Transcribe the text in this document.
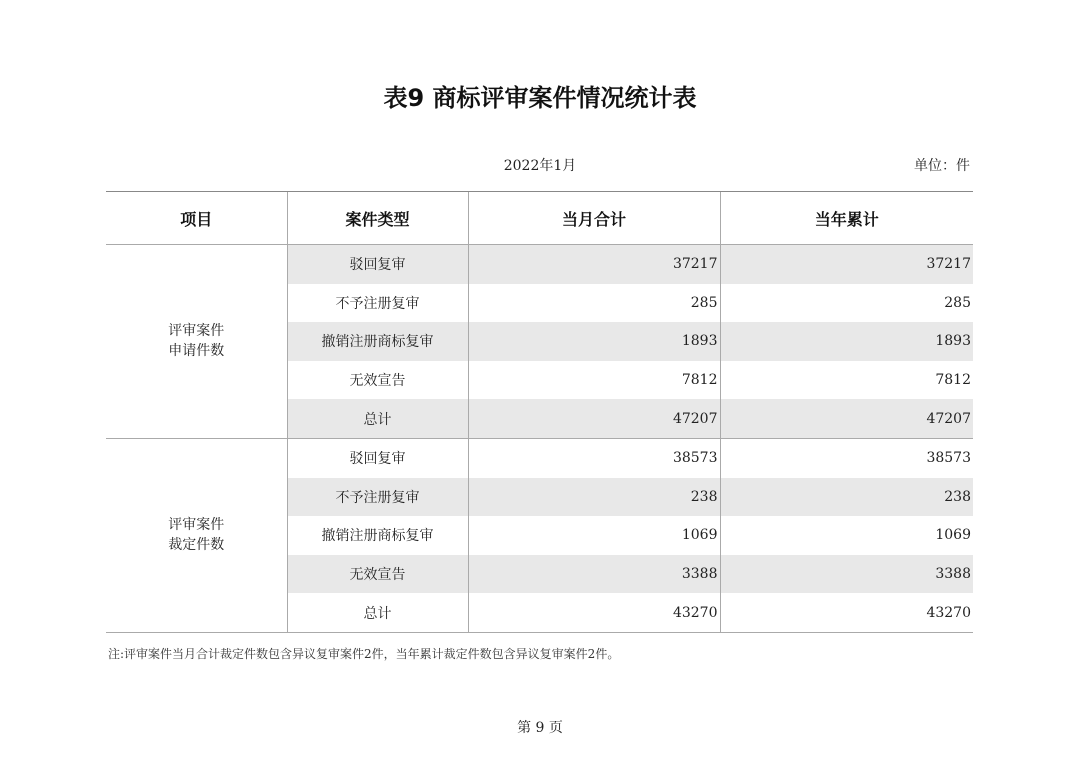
表9 商标评审案件情况统计表
2022年1月	单位：件
项目	案件类型	当月合计	当年累计

评审案件
申请件数	驳回复审	37217	37217
	不予注册复审	285	285
	撤销注册商标复审	1893	1893
	无效宣告	7812	7812
	总计	47207	47207

评审案件
裁定件数	驳回复审	38573	38573
	不予注册复审	238	238
	撤销注册商标复审	1069	1069
	无效宣告	3388	3388
	总计	43270	43270
注:评审案件当月合计裁定件数包含异议复审案件2件，当年累计裁定件数包含异议复审案件2件。
第 9 页
